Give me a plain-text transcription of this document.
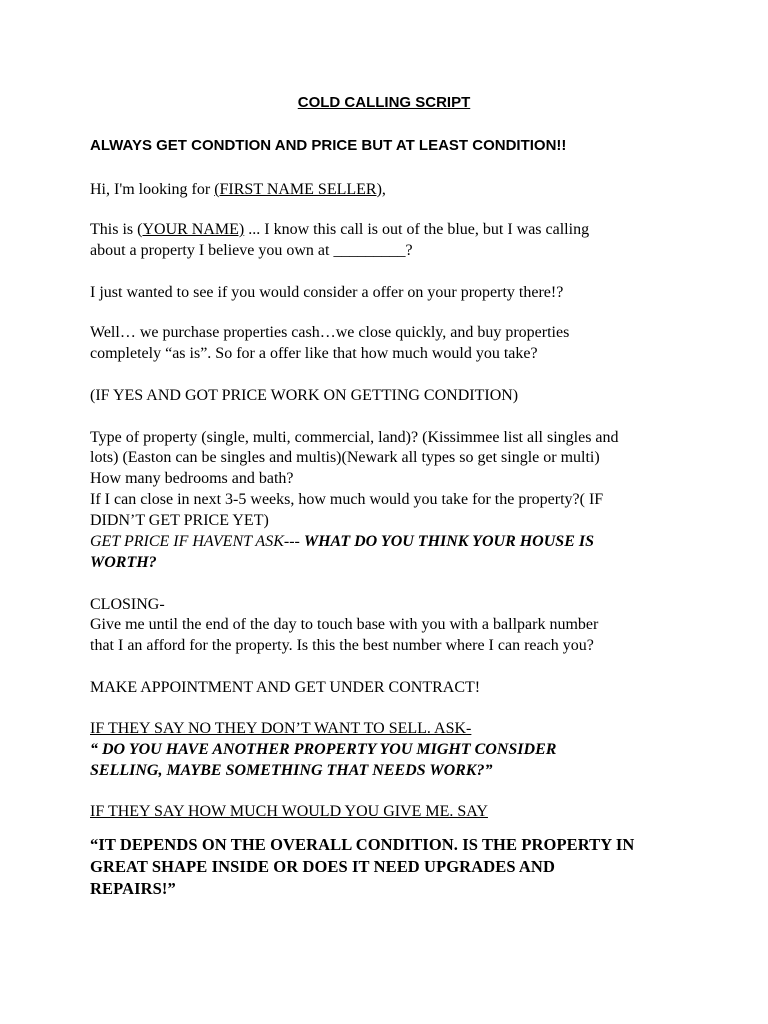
COLD CALLING SCRIPT
ALWAYS GET CONDTION AND PRICE BUT AT LEAST CONDITION!!
Hi, I'm looking for (FIRST NAME SELLER),
This is (YOUR NAME) ... I know this call is out of the blue, but I was calling
about a property I believe you own at _________?
I just wanted to see if you would consider a offer on your property there!?
Well… we purchase properties cash…we close quickly, and buy properties
completely “as is”. So for a offer like that how much would you take?
(IF YES AND GOT PRICE WORK ON GETTING CONDITION)
Type of property (single, multi, commercial, land)? (Kissimmee list all singles and
lots) (Easton can be singles and multis)(Newark all types so get single or multi)
How many bedrooms and bath?
If I can close in next 3-5 weeks, how much would you take for the property?( IF
DIDN’T GET PRICE YET)
GET PRICE IF HAVENT ASK--- WHAT DO YOU THINK YOUR HOUSE IS
WORTH?
CLOSING-
Give me until the end of the day to touch base with you with a ballpark number
that I an afford for the property. Is this the best number where I can reach you?
MAKE APPOINTMENT AND GET UNDER CONTRACT!
IF THEY SAY NO THEY DON’T WANT TO SELL. ASK-
“ DO YOU HAVE ANOTHER PROPERTY YOU MIGHT CONSIDER
SELLING, MAYBE SOMETHING THAT NEEDS WORK?”
IF THEY SAY HOW MUCH WOULD YOU GIVE ME. SAY
“IT DEPENDS ON THE OVERALL CONDITION. IS THE PROPERTY IN
GREAT SHAPE INSIDE OR DOES IT NEED UPGRADES AND
REPAIRS!”
